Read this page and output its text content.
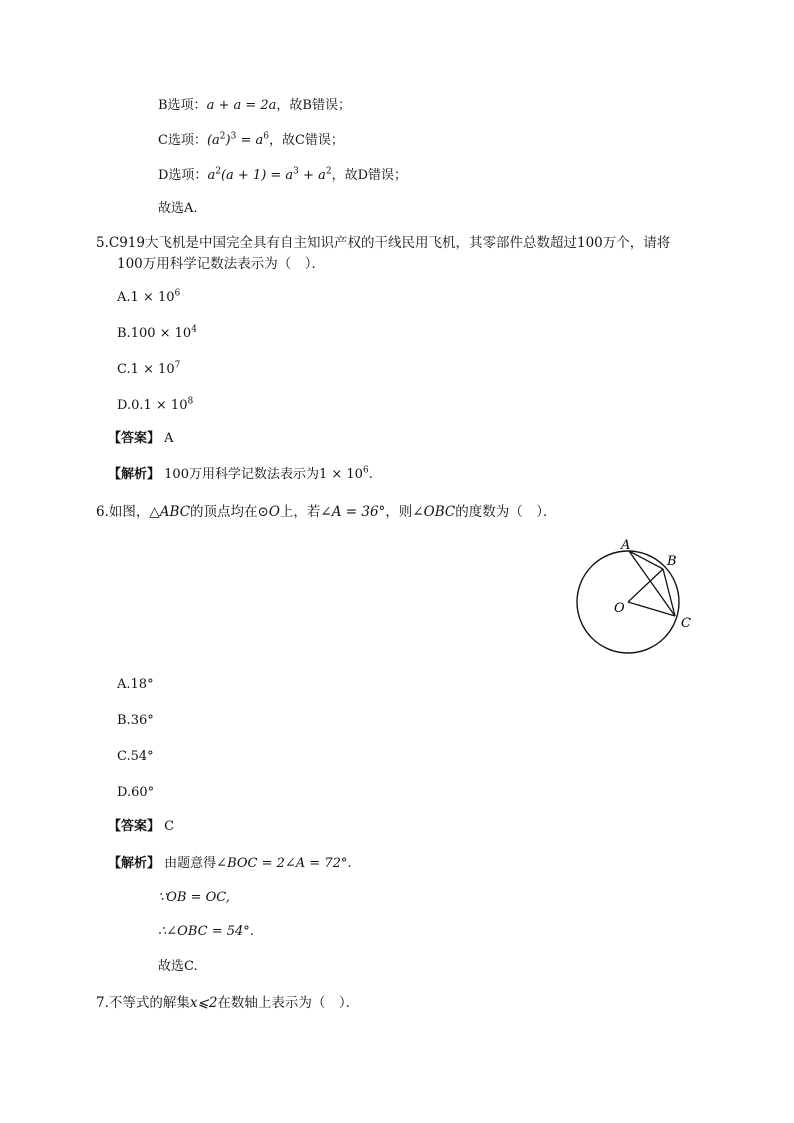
B选项：a + a = 2a，故B错误；
C选项：$(a^2)^3 = a^6$，故C错误；
D选项：$a^2(a + 1) = a^3 + a^2$，故D错误；
故选A.
5.C919大飞机是中国完全具有自主知识产权的干线民用飞机，其零部件总数超过100万个，请将
100万用科学记数法表示为（　）．
$A.1 \times 10^6$
$B.100 \times 10^4$
$C.1 \times 10^7$
$D.0.1 \times 10^8$
【答案】 A
【解析】 100万用科学记数法表示为$1 \times 10^6$.
6.如图，△ABC的顶点均在⊙O上，若∠A = 36°，则∠OBC的度数为（　）．
A
B
C
O
A.18°
B.36°
C.54°
D.60°
【答案】 C
【解析】 由题意得∠BOC = 2∠A = 72°.
∵OB = OC,
∴∠OBC = 54°.
故选C.
7.不等式的解集x⩽2在数轴上表示为（　）．
